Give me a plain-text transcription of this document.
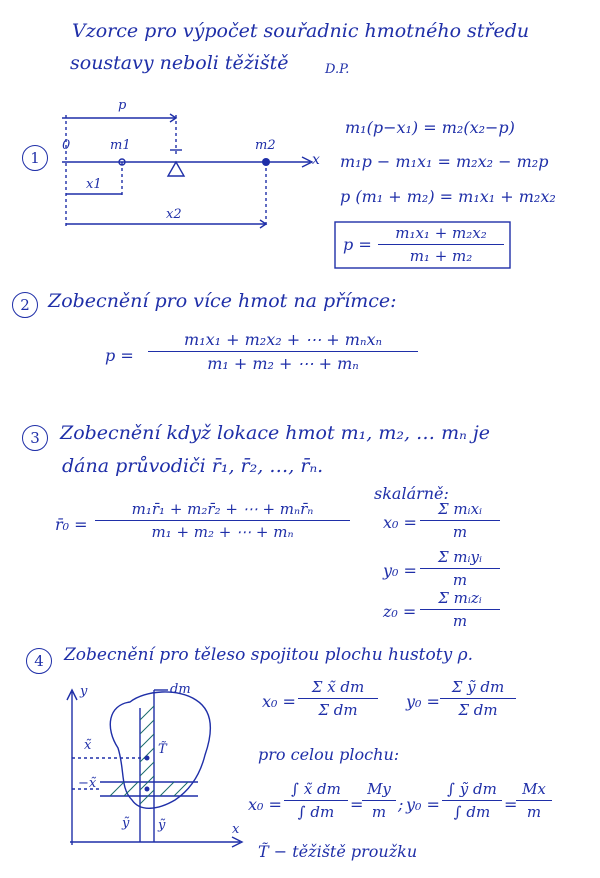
Vzorce pro výpočet souřadnic hmotného středu
soustavy neboli těžiště	D.P.
1
0
p
m1	m2
x
x1
x2
m₁(p−x₁) = m₂(x₂−p)
m₁p − m₁x₁ = m₂x₂ − m₂p
p (m₁ + m₂) = m₁x₁ + m₂x₂
p =
m₁x₁ + m₂x₂
m₁ + m₂
2 Zobecnění pro více hmot na přímce:
p =
m₁x₁ + m₂x₂ + ⋯ + mₙxₙ
m₁ + m₂ + ⋯ + mₙ
3	Zobecnění když lokace hmot m₁, m₂, … mₙ je
dána průvodiči r̄₁, r̄₂, …, r̄ₙ.
r̄₀ =
m₁r̄₁ + m₂r̄₂ + ⋯ + mₙr̄ₙ
m₁ + m₂ + ⋯ + mₙ
skalárně:
x₀ =
Σ mᵢxᵢ
m
y₀ =
Σ mᵢyᵢ
m
z₀ =
Σ mᵢzᵢ
m
4	Zobecnění pro těleso spojitou plochu hustoty ρ.
y
x
dm
x̃	T̃
−x̃
ỹ ỹ
x₀ =
Σ x̃ dm
Σ dm	y₀ =
Σ ỹ dm
Σ dm
pro celou plochu:
x₀ =
∫ x̃ dm
∫ dm =
My
m ; y₀ =
∫ ỹ dm
∫ dm =
Mx
m
T̃ − těžiště proužku
